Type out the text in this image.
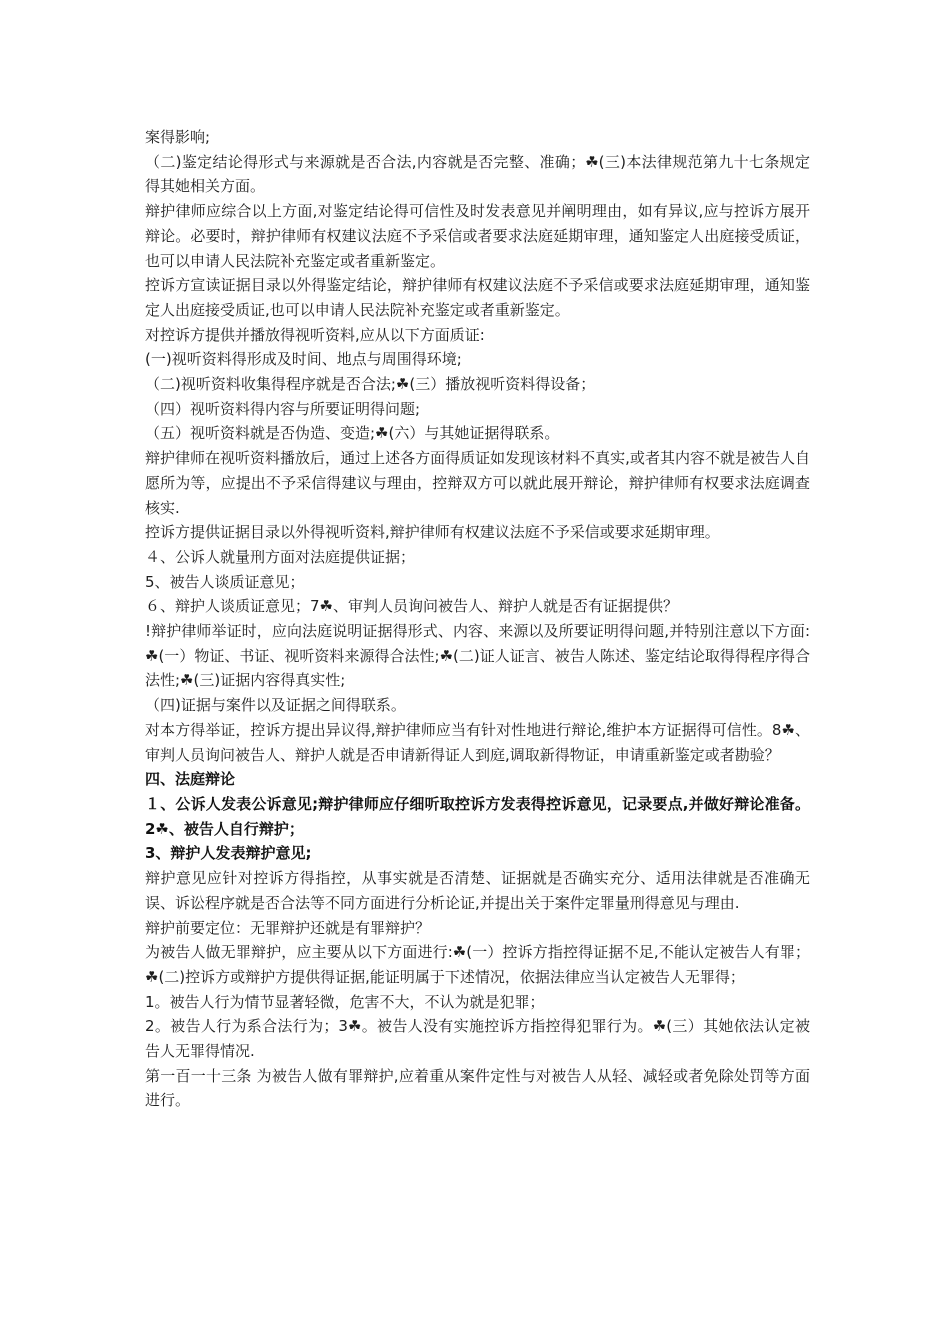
案得影响;

（二)鉴定结论得形式与来源就是否合法,内容就是否完整、准确；☘(三)本法律规范第九十七条规定得其她相关方面。

辩护律师应综合以上方面,对鉴定结论得可信性及时发表意见并阐明理由，如有异议,应与控诉方展开辩论。必要时，辩护律师有权建议法庭不予采信或者要求法庭延期审理，通知鉴定人出庭接受质证，也可以申请人民法院补充鉴定或者重新鉴定。

控诉方宣读证据目录以外得鉴定结论，辩护律师有权建议法庭不予采信或要求法庭延期审理，通知鉴定人出庭接受质证,也可以申请人民法院补充鉴定或者重新鉴定。

对控诉方提供并播放得视听资料,应从以下方面质证:

(一)视听资料得形成及时间、地点与周围得环境;

（二)视听资料收集得程序就是否合法;☘(三）播放视听资料得设备；

（四）视听资料得内容与所要证明得问题;

（五）视听资料就是否伪造、变造;☘(六）与其她证据得联系。

辩护律师在视听资料播放后，通过上述各方面得质证如发现该材料不真实,或者其内容不就是被告人自愿所为等，应提出不予采信得建议与理由，控辩双方可以就此展开辩论，辩护律师有权要求法庭调查核实.

控诉方提供证据目录以外得视听资料,辩护律师有权建议法庭不予采信或要求延期审理。

４、公诉人就量刑方面对法庭提供证据；

5、被告人谈质证意见；

６、辩护人谈质证意见；7☘、审判人员询问被告人、辩护人就是否有证据提供？

!辩护律师举证时，应向法庭说明证据得形式、内容、来源以及所要证明得问题,并特别注意以下方面:☘(一）物证、书证、视听资料来源得合法性;☘(二)证人证言、被告人陈述、鉴定结论取得得程序得合法性;☘(三)证据内容得真实性;

（四)证据与案件以及证据之间得联系。

对本方得举证，控诉方提出异议得,辩护律师应当有针对性地进行辩论,维护本方证据得可信性。8☘、审判人员询问被告人、辩护人就是否申请新得证人到庭,调取新得物证，申请重新鉴定或者勘验？

四、法庭辩论

１、公诉人发表公诉意见;辩护律师应仔细听取控诉方发表得控诉意见，记录要点,并做好辩论准备。2☘、被告人自行辩护；

3、辩护人发表辩护意见;

辩护意见应针对控诉方得指控，从事实就是否清楚、证据就是否确实充分、适用法律就是否准确无误、诉讼程序就是否合法等不同方面进行分析论证,并提出关于案件定罪量刑得意见与理由.

辩护前要定位：无罪辩护还就是有罪辩护？

为被告人做无罪辩护，应主要从以下方面进行:☘(一）控诉方指控得证据不足,不能认定被告人有罪；☘(二)控诉方或辩护方提供得证据,能证明属于下述情况，依据法律应当认定被告人无罪得；

1。被告人行为情节显著轻微，危害不大，不认为就是犯罪；

2。被告人行为系合法行为；3☘。被告人没有实施控诉方指控得犯罪行为。☘(三）其她依法认定被告人无罪得情况.

第一百一十三条 为被告人做有罪辩护,应着重从案件定性与对被告人从轻、减轻或者免除处罚等方面进行。
